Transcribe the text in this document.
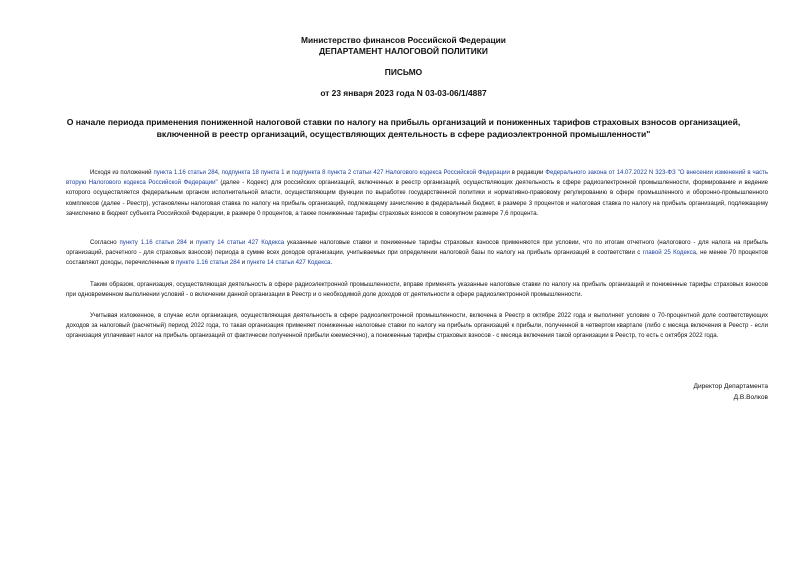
Министерство финансов Российской Федерации
ДЕПАРТАМЕНТ НАЛОГОВОЙ ПОЛИТИКИ
ПИСЬМО
от 23 января 2023 года N 03-03-06/1/4887
О начале периода применения пониженной налоговой ставки по налогу на прибыль организаций и пониженных тарифов страховых взносов организацией,
включенной в реестр организаций, осуществляющих деятельность в сфере радиоэлектронной промышленности"

Исходя из положений пункта 1.16 статьи 284, подпункта 18 пункта 1 и подпункта 8 пункта 2 статьи 427 Налогового кодекса Российской Федерации в редакции Федерального закона от 14.07.2022 N 323-ФЗ "О внесении изменений в часть вторую Налогового кодекса Российской Федерации" (далее - Кодекс) для российских организаций, включенных в реестр организаций, осуществляющих деятельность в сфере радиоэлектронной промышленности, формирование и ведение которого осуществляется федеральным органом исполнительной власти, осуществляющим функции по выработке государственной политики и нормативно-правовому регулированию в сфере промышленного и оборонно-промышленного комплексов (далее - Реестр), установлены налоговая ставка по налогу на прибыль организаций, подлежащему зачислению в федеральный бюджет, в размере 3 процентов и налоговая ставка по налогу на прибыль организаций, подлежащему зачислению в бюджет субъекта Российской Федерации, в размере 0 процентов, а также пониженные тарифы страховых взносов в совокупном размере 7,6 процента.

Согласно пункту 1.16 статьи 284 и пункту 14 статьи 427 Кодекса указанные налоговые ставки и пониженные тарифы страховых взносов применяются при условии, что по итогам отчетного (налогового - для налога на прибыль организаций, расчетного - для страховых взносов) периода в сумме всех доходов организации, учитываемых при определении налоговой базы по налогу на прибыль организаций в соответствии с главой 25 Кодекса, не менее 70 процентов составляют доходы, перечисленные в пункте 1.16 статьи 284 и пункте 14 статьи 427 Кодекса.

Таким образом, организация, осуществляющая деятельность в сфере радиоэлектронной промышленности, вправе применять указанные налоговые ставки по налогу на прибыль организаций и пониженные тарифы страховых взносов при одновременном выполнении условий - о включении данной организации в Реестр и о необходимой доле доходов от деятельности в сфере радиоэлектронной промышленности.

Учитывая изложенное, в случае если организация, осуществляющая деятельность в сфере радиоэлектронной промышленности, включена в Реестр в октябре 2022 года и выполняет условие о 70-процентной доле соответствующих доходов за налоговый (расчетный) период 2022 года, то такая организация применяет пониженные налоговые ставки по налогу на прибыль организаций к прибыли, полученной в четвертом квартале (либо с месяца включения в Реестр - если организация уплачивает налог на прибыль организаций от фактически полученной прибыли ежемесячно), а пониженные тарифы страховых взносов - с месяца включения такой организации в Реестр, то есть с октября 2022 года.

Директор Департамента
Д.В.Волков
